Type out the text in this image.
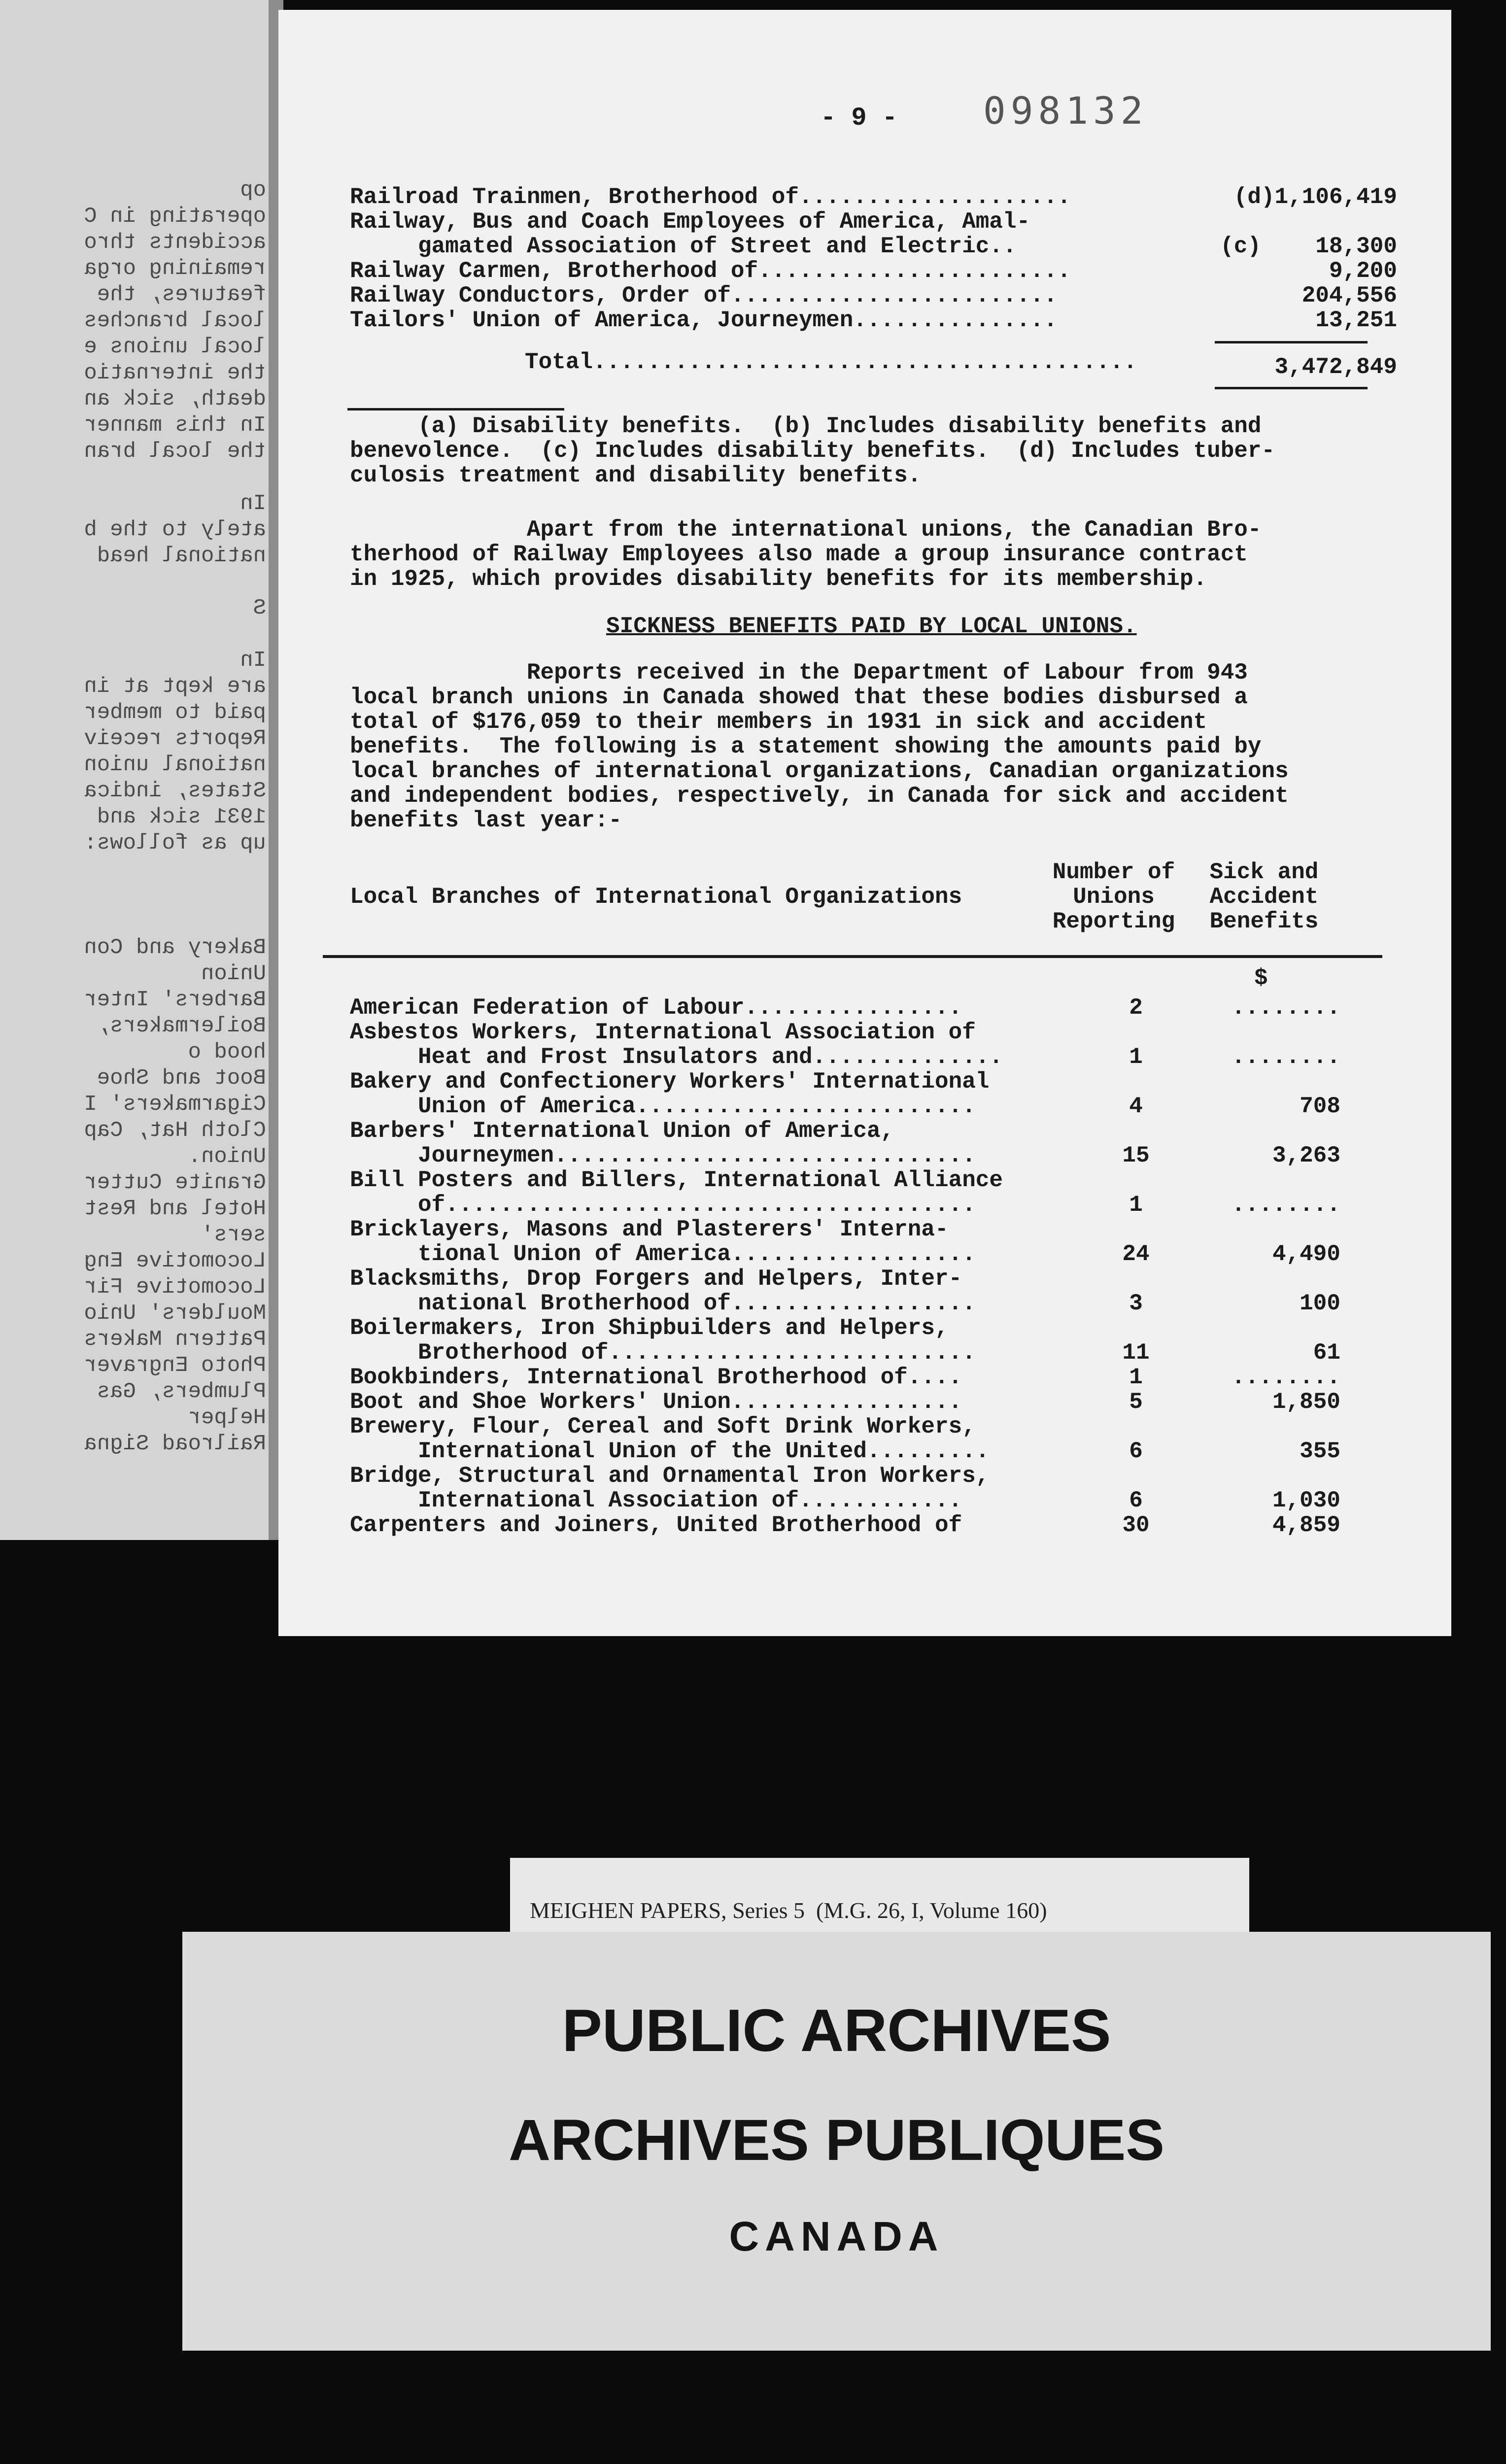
op
operating in C
accidents thro
remaining orga
features, the
local branches
local unions e
the internatio
death, sick an
In this manner
the local bran

In
ately to the b
national head

S

In
are kept at in
paid to member
Reports receiv
national union
States, indica
1931 sick and
up as follows:

Bakery and Con
Union
Barbers' Inter
Boilermakers,
hood o
Boot and Shoe
Cigarmakers' I
Cloth Hat, Cap
Union.
Granite Cutter
Hotel and Rest
sers'
Locomotive Eng
Locomotive Fir
Moulders' Unio
Pattern Makers
Photo Engraver
Plumbers, Gas
Helper
Railroad Signa
- 9 - 098132
Railroad Trainmen, Brotherhood of....................	(d)1,106,419
Railway, Bus and Coach Employees of America, Amal-
gamated Association of Street and Electric..	(c)    18,300
Railway Carmen, Brotherhood of.......................	9,200
Railway Conductors, Order of........................	204,556
Tailors' Union of America, Journeymen...............	13,251
Total........................................	3,472,849
(a) Disability benefits.  (b) Includes disability benefits and
benevolence.  (c) Includes disability benefits.  (d) Includes tuber-
culosis treatment and disability benefits.
Apart from the international unions, the Canadian Bro-
therhood of Railway Employees also made a group insurance contract
in 1925, which provides disability benefits for its membership.
SICKNESS BENEFITS PAID BY LOCAL UNIONS.
Reports received in the Department of Labour from 943
local branch unions in Canada showed that these bodies disbursed a
total of $176,059 to their members in 1931 in sick and accident
benefits.  The following is a statement showing the amounts paid by
local branches of international organizations, Canadian organizations
and independent bodies, respectively, in Canada for sick and accident
benefits last year:-
Local Branches of International Organizations
Number of
Unions
Reporting
Sick and
Accident
Benefits
$
American Federation of Labour................	2	........
Asbestos Workers, International Association of
Heat and Frost Insulators and..............	1	........
Bakery and Confectionery Workers' International
Union of America.........................	4	708
Barbers' International Union of America,
Journeymen...............................	15	3,263
Bill Posters and Billers, International Alliance
of.......................................	1	........
Bricklayers, Masons and Plasterers' Interna-
tional Union of America..................	24	4,490
Blacksmiths, Drop Forgers and Helpers, Inter-
national Brotherhood of..................	3	100
Boilermakers, Iron Shipbuilders and Helpers,
Brotherhood of...........................	11	61
Bookbinders, International Brotherhood of....	1	........
Boot and Shoe Workers' Union.................	5	1,850
Brewery, Flour, Cereal and Soft Drink Workers,
International Union of the United.........	6	355
Bridge, Structural and Ornamental Iron Workers,
International Association of............	6	1,030
Carpenters and Joiners, United Brotherhood of	30	4,859
MEIGHEN PAPERS, Series 5  (M.G. 26, I, Volume 160)
PUBLIC ARCHIVES
ARCHIVES PUBLIQUES
CANADA
